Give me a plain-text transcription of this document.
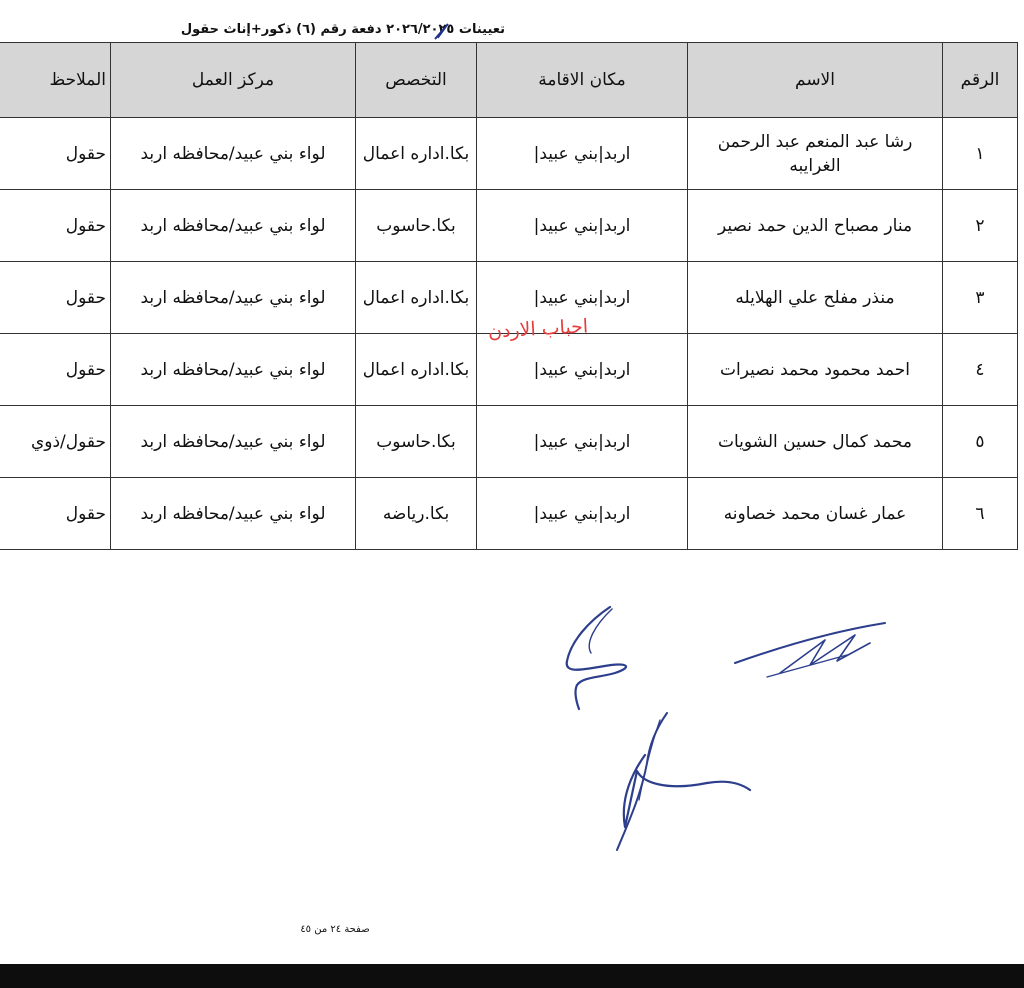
تعيينات ٢٠٢٦/٢٠٢٥ دفعة رقم (٦) ذكور+إناث حقول
الرقم	الاسم	مكان الاقامة	التخصص	مركز العمل	الملاحظ
١	رشا عبد المنعم عبد الرحمن الغرايبه	اربد|بني عبيد|	بكا.اداره اعمال	لواء بني عبيد/محافظه اربد	حقول
٢	منار مصباح الدين حمد نصير	اربد|بني عبيد|	بكا.حاسوب	لواء بني عبيد/محافظه اربد	حقول
٣	منذر مفلح علي الهلايله	اربد|بني عبيد|	بكا.اداره اعمال	لواء بني عبيد/محافظه اربد	حقول
٤	احمد محمود محمد نصيرات	اربد|بني عبيد|	بكا.اداره اعمال	لواء بني عبيد/محافظه اربد	حقول
٥	محمد كمال حسين الشويات	اربد|بني عبيد|	بكا.حاسوب	لواء بني عبيد/محافظه اربد	حقول/ذوي
٦	عمار غسان محمد خصاونه	اربد|بني عبيد|	بكا.رياضه	لواء بني عبيد/محافظه اربد	حقول
احباب الاردن
صفحة ٢٤ من ٤٥
